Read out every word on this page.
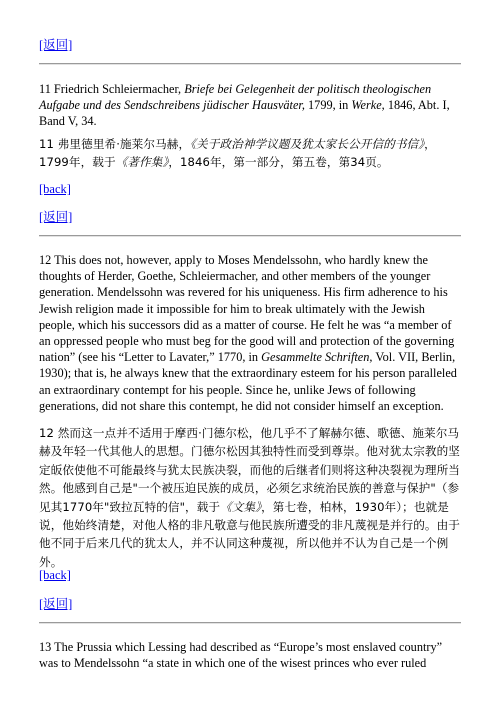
[返回]

11 Friedrich Schleiermacher, Briefe bei Gelegenheit der politisch theologischen Aufgabe und des Sendschreibens jüdischer Hausväter, 1799, in Werke, 1846, Abt. I, Band V, 34.

11 弗里德里希·施莱尔马赫，《关于政治神学议题及犹太家长公开信的书信》，1799年，载于《著作集》，1846年，第一部分，第五卷，第34页。

[back]
[返回]

12 This does not, however, apply to Moses Mendelssohn, who hardly knew the thoughts of Herder, Goethe, Schleiermacher, and other members of the younger generation. Mendelssohn was revered for his uniqueness. His firm adherence to his Jewish religion made it impossible for him to break ultimately with the Jewish people, which his successors did as a matter of course. He felt he was “a member of an oppressed people who must beg for the good will and protection of the governing nation” (see his “Letter to Lavater,” 1770, in Gesammelte Schriften, Vol. VII, Berlin, 1930); that is, he always knew that the extraordinary esteem for his person paralleled an extraordinary contempt for his people. Since he, unlike Jews of following generations, did not share this contempt, he did not consider himself an exception.

12 然而这一点并不适用于摩西·门德尔松，他几乎不了解赫尔德、歌德、施莱尔马赫及年轻一代其他人的思想。门德尔松因其独特性而受到尊崇。他对犹太宗教的坚定皈依使他不可能最终与犹太民族决裂，而他的后继者们则将这种决裂视为理所当然。他感到自己是"一个被压迫民族的成员，必须乞求统治民族的善意与保护"（参见其1770年"致拉瓦特的信"，载于《文集》，第七卷，柏林，1930年）；也就是说，他始终清楚，对他人格的非凡敬意与他民族所遭受的非凡蔑视是并行的。由于他不同于后来几代的犹太人，并不认同这种蔑视，所以他并不认为自己是一个例外。

[back]
[返回]

13 The Prussia which Lessing had described as “Europe’s most enslaved country” was to Mendelssohn “a state in which one of the wisest princes who ever ruled
